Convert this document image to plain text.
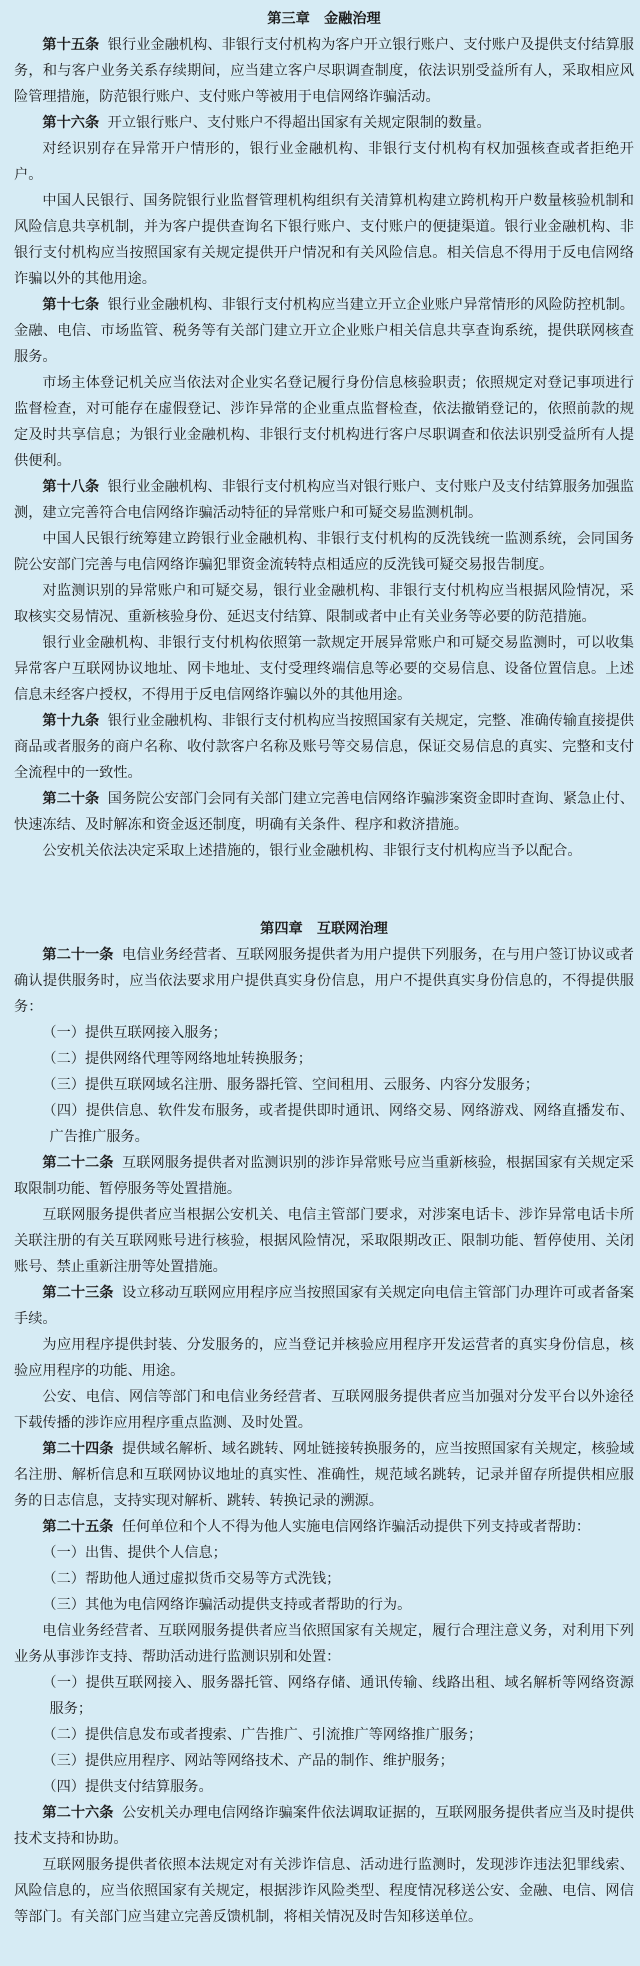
第三章　金融治理

第十五条 银行业金融机构、非银行支付机构为客户开立银行账户、支付账户及提供支付结算服务，和与客户业务关系存续期间，应当建立客户尽职调查制度，依法识别受益所有人，采取相应风险管理措施，防范银行账户、支付账户等被用于电信网络诈骗活动。

第十六条 开立银行账户、支付账户不得超出国家有关规定限制的数量。

对经识别存在异常开户情形的，银行业金融机构、非银行支付机构有权加强核查或者拒绝开户。

中国人民银行、国务院银行业监督管理机构组织有关清算机构建立跨机构开户数量核验机制和风险信息共享机制，并为客户提供查询名下银行账户、支付账户的便捷渠道。银行业金融机构、非银行支付机构应当按照国家有关规定提供开户情况和有关风险信息。相关信息不得用于反电信网络诈骗以外的其他用途。

第十七条 银行业金融机构、非银行支付机构应当建立开立企业账户异常情形的风险防控机制。金融、电信、市场监管、税务等有关部门建立开立企业账户相关信息共享查询系统，提供联网核查服务。

市场主体登记机关应当依法对企业实名登记履行身份信息核验职责；依照规定对登记事项进行监督检查，对可能存在虚假登记、涉诈异常的企业重点监督检查，依法撤销登记的，依照前款的规定及时共享信息；为银行业金融机构、非银行支付机构进行客户尽职调查和依法识别受益所有人提供便利。

第十八条 银行业金融机构、非银行支付机构应当对银行账户、支付账户及支付结算服务加强监测，建立完善符合电信网络诈骗活动特征的异常账户和可疑交易监测机制。

中国人民银行统筹建立跨银行业金融机构、非银行支付机构的反洗钱统一监测系统，会同国务院公安部门完善与电信网络诈骗犯罪资金流转特点相适应的反洗钱可疑交易报告制度。

对监测识别的异常账户和可疑交易，银行业金融机构、非银行支付机构应当根据风险情况，采取核实交易情况、重新核验身份、延迟支付结算、限制或者中止有关业务等必要的防范措施。

银行业金融机构、非银行支付机构依照第一款规定开展异常账户和可疑交易监测时，可以收集异常客户互联网协议地址、网卡地址、支付受理终端信息等必要的交易信息、设备位置信息。上述信息未经客户授权，不得用于反电信网络诈骗以外的其他用途。

第十九条 银行业金融机构、非银行支付机构应当按照国家有关规定，完整、准确传输直接提供商品或者服务的商户名称、收付款客户名称及账号等交易信息，保证交易信息的真实、完整和支付全流程中的一致性。

第二十条 国务院公安部门会同有关部门建立完善电信网络诈骗涉案资金即时查询、紧急止付、快速冻结、及时解冻和资金返还制度，明确有关条件、程序和救济措施。

公安机关依法决定采取上述措施的，银行业金融机构、非银行支付机构应当予以配合。

第四章　互联网治理

第二十一条 电信业务经营者、互联网服务提供者为用户提供下列服务，在与用户签订协议或者确认提供服务时，应当依法要求用户提供真实身份信息，用户不提供真实身份信息的，不得提供服务：

（一）提供互联网接入服务；

（二）提供网络代理等网络地址转换服务；

（三）提供互联网域名注册、服务器托管、空间租用、云服务、内容分发服务；

（四）提供信息、软件发布服务，或者提供即时通讯、网络交易、网络游戏、网络直播发布、广告推广服务。

第二十二条 互联网服务提供者对监测识别的涉诈异常账号应当重新核验，根据国家有关规定采取限制功能、暂停服务等处置措施。

互联网服务提供者应当根据公安机关、电信主管部门要求，对涉案电话卡、涉诈异常电话卡所关联注册的有关互联网账号进行核验，根据风险情况，采取限期改正、限制功能、暂停使用、关闭账号、禁止重新注册等处置措施。

第二十三条 设立移动互联网应用程序应当按照国家有关规定向电信主管部门办理许可或者备案手续。

为应用程序提供封装、分发服务的，应当登记并核验应用程序开发运营者的真实身份信息，核验应用程序的功能、用途。

公安、电信、网信等部门和电信业务经营者、互联网服务提供者应当加强对分发平台以外途径下载传播的涉诈应用程序重点监测、及时处置。

第二十四条 提供域名解析、域名跳转、网址链接转换服务的，应当按照国家有关规定，核验域名注册、解析信息和互联网协议地址的真实性、准确性，规范域名跳转，记录并留存所提供相应服务的日志信息，支持实现对解析、跳转、转换记录的溯源。

第二十五条 任何单位和个人不得为他人实施电信网络诈骗活动提供下列支持或者帮助：

（一）出售、提供个人信息；

（二）帮助他人通过虚拟货币交易等方式洗钱；

（三）其他为电信网络诈骗活动提供支持或者帮助的行为。

电信业务经营者、互联网服务提供者应当依照国家有关规定，履行合理注意义务，对利用下列业务从事涉诈支持、帮助活动进行监测识别和处置：

（一）提供互联网接入、服务器托管、网络存储、通讯传输、线路出租、域名解析等网络资源服务；

（二）提供信息发布或者搜索、广告推广、引流推广等网络推广服务；

（三）提供应用程序、网站等网络技术、产品的制作、维护服务；

（四）提供支付结算服务。

第二十六条 公安机关办理电信网络诈骗案件依法调取证据的，互联网服务提供者应当及时提供技术支持和协助。

互联网服务提供者依照本法规定对有关涉诈信息、活动进行监测时，发现涉诈违法犯罪线索、风险信息的，应当依照国家有关规定，根据涉诈风险类型、程度情况移送公安、金融、电信、网信等部门。有关部门应当建立完善反馈机制，将相关情况及时告知移送单位。
